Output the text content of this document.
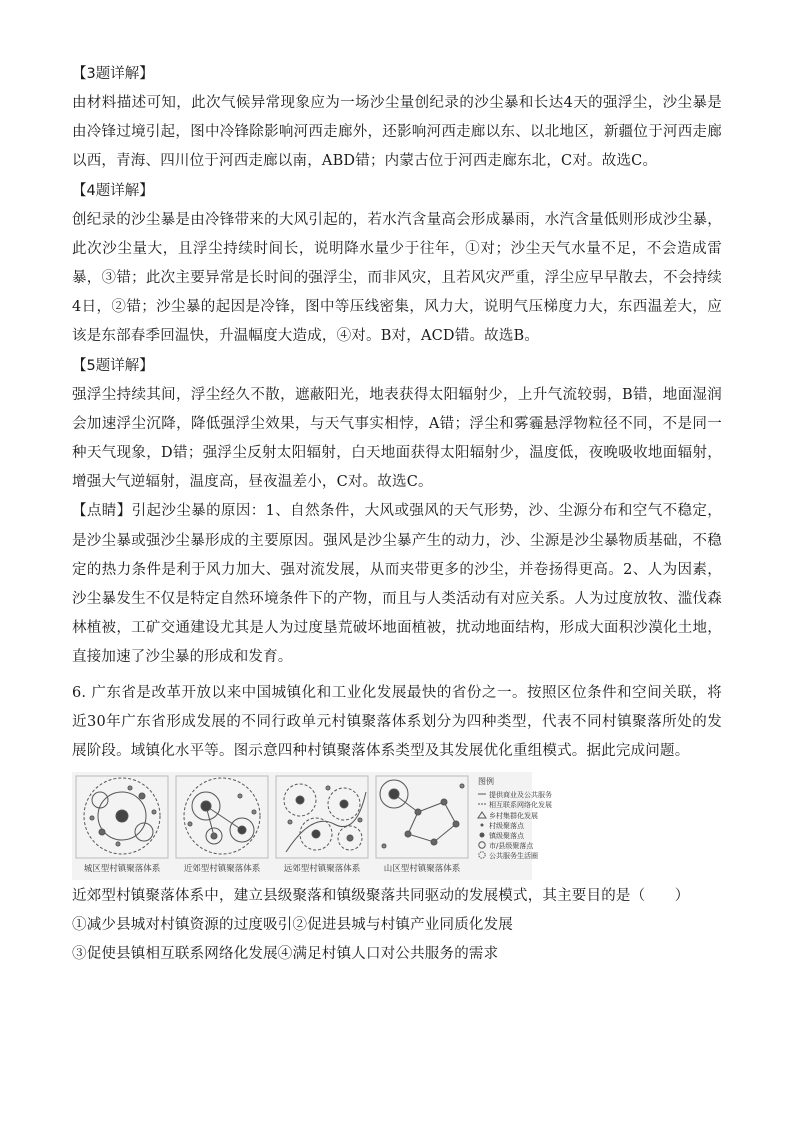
【3题详解】

由材料描述可知，此次气候异常现象应为一场沙尘量创纪录的沙尘暴和长达4天的强浮尘，沙尘暴是由冷锋过境引起，图中冷锋除影响河西走廊外，还影响河西走廊以东、以北地区，新疆位于河西走廊以西，青海、四川位于河西走廊以南，ABD错；内蒙古位于河西走廊东北，C对。故选C。

【4题详解】

创纪录的沙尘暴是由冷锋带来的大风引起的，若水汽含量高会形成暴雨，水汽含量低则形成沙尘暴，此次沙尘量大，且浮尘持续时间长，说明降水量少于往年，①对；沙尘天气水量不足，不会造成雷暴，③错；此次主要异常是长时间的强浮尘，而非风灾，且若风灾严重，浮尘应早早散去，不会持续4日，②错；沙尘暴的起因是冷锋，图中等压线密集，风力大，说明气压梯度力大，东西温差大，应该是东部春季回温快，升温幅度大造成，④对。B对，ACD错。故选B。

【5题详解】

强浮尘持续其间，浮尘经久不散，遮蔽阳光，地表获得太阳辐射少，上升气流较弱，B错，地面湿润会加速浮尘沉降，降低强浮尘效果，与天气事实相悖，A错；浮尘和雾霾悬浮物粒径不同，不是同一种天气现象，D错；强浮尘反射太阳辐射，白天地面获得太阳辐射少，温度低，夜晚吸收地面辐射，增强大气逆辐射，温度高，昼夜温差小，C对。故选C。

【点睛】引起沙尘暴的原因：1、自然条件，大风或强风的天气形势，沙、尘源分布和空气不稳定，是沙尘暴或强沙尘暴形成的主要原因。强风是沙尘暴产生的动力，沙、尘源是沙尘暴物质基础，不稳定的热力条件是利于风力加大、强对流发展，从而夹带更多的沙尘，并卷扬得更高。2、人为因素，沙尘暴发生不仅是特定自然环境条件下的产物，而且与人类活动有对应关系。人为过度放牧、滥伐森林植被，工矿交通建设尤其是人为过度垦荒破坏地面植被，扰动地面结构，形成大面积沙漠化土地，直接加速了沙尘暴的形成和发育。

6. 广东省是改革开放以来中国城镇化和工业化发展最快的省份之一。按照区位条件和空间关联，将近30年广东省形成发展的不同行政单元村镇聚落体系划分为四种类型，代表不同村镇聚落所处的发展阶段。域镇化水平等。图示意四种村镇聚落体系类型及其发展优化重组模式。据此完成问题。

城区型村镇聚落体系	近郊型村镇聚落体系	远郊型村镇聚落体系	山区型村镇聚落体系
图例
提供商业及公共服务
相互联系网络化发展
乡村集群化发展
村级聚落点
镇级聚落点
市/县级聚落点
公共服务生活圈

近郊型村镇聚落体系中，建立县级聚落和镇级聚落共同驱动的发展模式，其主要目的是（　　）

①减少县城对村镇资源的过度吸引②促进县城与村镇产业同质化发展

③促使县镇相互联系网络化发展④满足村镇人口对公共服务的需求
